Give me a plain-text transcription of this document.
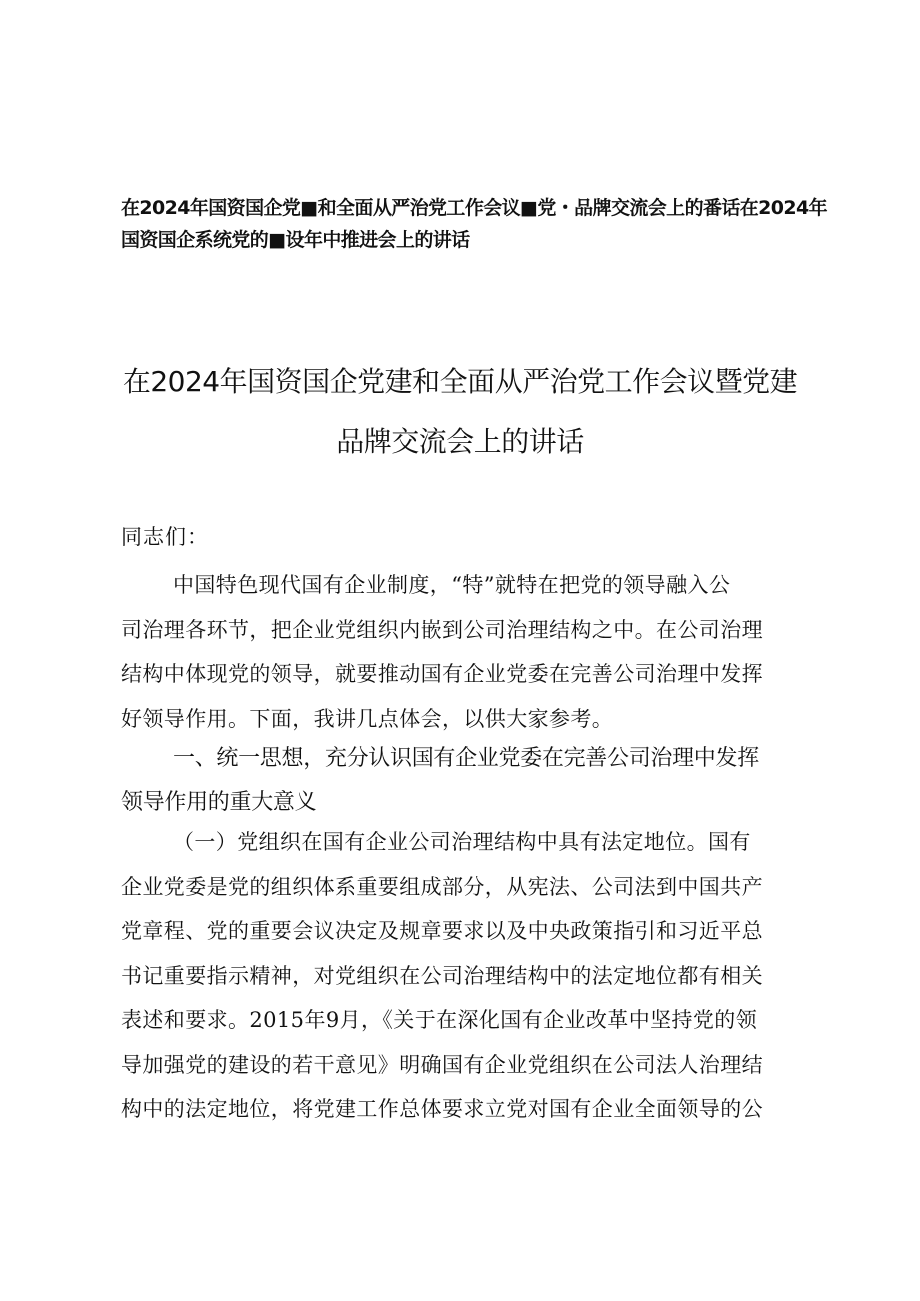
在2024年国资国企党■和全面从严治党工作会议■党・品牌交流会上的番话在2024年
国资国企系统党的■设年中推进会上的讲话
在2024年国资国企党建和全面从严治党工作会议暨党建
品牌交流会上的讲话
同志们：
中国特色现代国有企业制度，“特”就特在把党的领导融入公
司治理各环节，把企业党组织内嵌到公司治理结构之中。在公司治理
结构中体现党的领导，就要推动国有企业党委在完善公司治理中发挥
好领导作用。下面，我讲几点体会，以供大家参考。
一、统一思想，充分认识国有企业党委在完善公司治理中发挥
领导作用的重大意义
（一）党组织在国有企业公司治理结构中具有法定地位。国有
企业党委是党的组织体系重要组成部分，从宪法、公司法到中国共产
党章程、党的重要会议决定及规章要求以及中央政策指引和习近平总
书记重要指示精神，对党组织在公司治理结构中的法定地位都有相关
表述和要求。2015年9月，《关于在深化国有企业改革中坚持党的领
导加强党的建设的若干意见》明确国有企业党组织在公司法人治理结
构中的法定地位，将党建工作总体要求立党对国有企业全面领导的公
